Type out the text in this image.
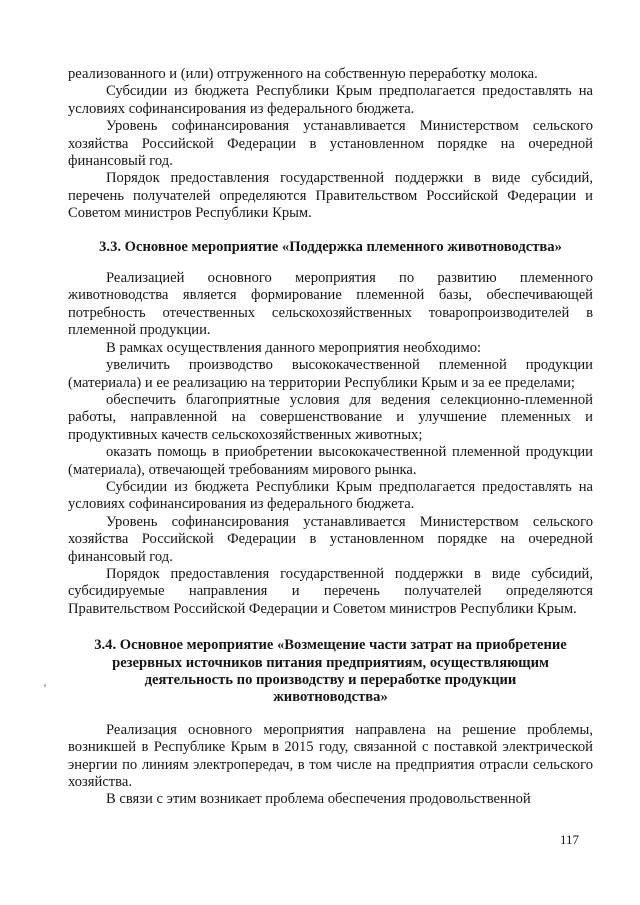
реализованного и (или) отгруженного на собственную переработку молока.

Субсидии из бюджета Республики Крым предполагается предоставлять на условиях софинансирования из федерального бюджета.

Уровень софинансирования устанавливается Министерством сельского хозяйства Российской Федерации в установленном порядке на очередной финансовый год.

Порядок предоставления государственной поддержки в виде субсидий, перечень получателей определяются Правительством Российской Федерации и Советом министров Республики Крым.

3.3. Основное мероприятие «Поддержка племенного животноводства»

Реализацией основного мероприятия по развитию племенного животноводства является формирование племенной базы, обеспечивающей потребность отечественных сельскохозяйственных товаропроизводителей в племенной продукции.

В рамках осуществления данного мероприятия необходимо:

увеличить производство высококачественной племенной продукции (материала) и ее реализацию на территории Республики Крым и за ее пределами;

обеспечить благоприятные условия для ведения селекционно-племенной работы, направленной на совершенствование и улучшение племенных и продуктивных качеств сельскохозяйственных животных;

оказать помощь в приобретении высококачественной племенной продукции (материала), отвечающей требованиям мирового рынка.

Субсидии из бюджета Республики Крым предполагается предоставлять на условиях софинансирования из федерального бюджета.

Уровень софинансирования устанавливается Министерством сельского хозяйства Российской Федерации в установленном порядке на очередной финансовый год.

Порядок предоставления государственной поддержки в виде субсидий, субсидируемые направления и перечень получателей определяются Правительством Российской Федерации и Советом министров Республики Крым.

3.4. Основное мероприятие «Возмещение части затрат на приобретение резервных источников питания предприятиям, осуществляющим деятельность по производству и переработке продукции животноводства»

Реализация основного мероприятия направлена на решение проблемы, возникшей в Республике Крым в 2015 году, связанной с поставкой электрической энергии по линиям электропередач, в том числе на предприятия отрасли сельского хозяйства.

В связи с этим возникает проблема обеспечения продовольственной

117
